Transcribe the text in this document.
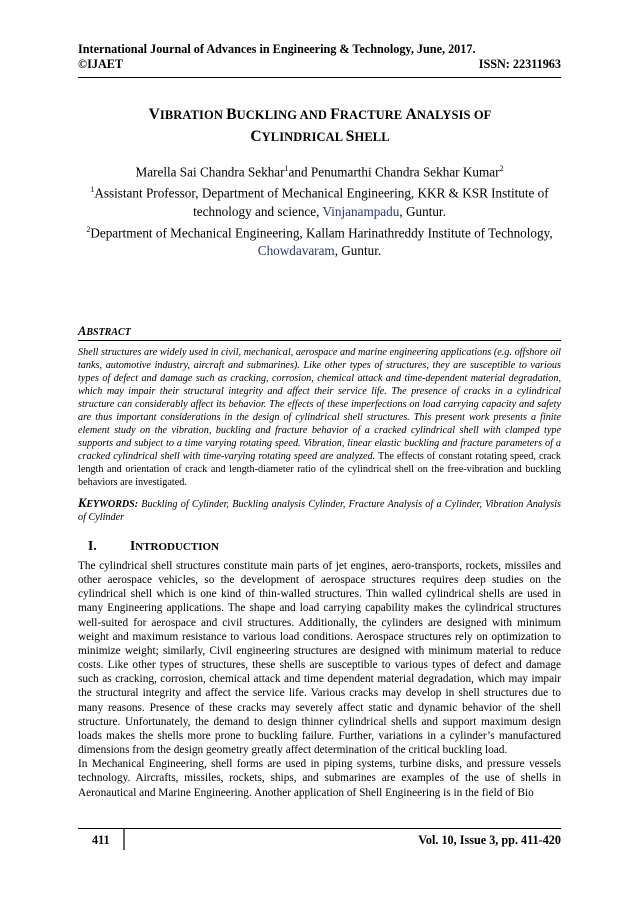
International Journal of Advances in Engineering & Technology, June, 2017.
©IJAET	ISSN: 22311963
VIBRATION BUCKLING AND FRACTURE ANALYSIS OF
CYLINDRICAL SHELL
Marella Sai Chandra Sekhar$^1$and Penumarthi Chandra Sekhar Kumar$^2$
$^1$Assistant Professor, Department of Mechanical Engineering, KKR & KSR Institute of
technology and science, Vinjanampadu, Guntur.
$^2$Department of Mechanical Engineering, Kallam Harinathreddy Institute of Technology,
Chowdavaram, Guntur.
ABSTRACT
Shell structures are widely used in civil, mechanical, aerospace and marine engineering applications (e.g. offshore oil tanks, automotive industry, aircraft and submarines). Like other types of structures, they are susceptible to various types of defect and damage such as cracking, corrosion, chemical attack and time-dependent material degradation, which may impair their structural integrity and affect their service life. The presence of cracks in a cylindrical structure can considerably affect its behavior. The effects of these imperfections on load carrying capacity and safety are thus important considerations in the design of cylindrical shell structures. This present work presents a finite element study on the vibration, buckling and fracture behavior of a cracked cylindrical shell with clamped type supports and subject to a time varying rotating speed. Vibration, linear elastic buckling and fracture parameters of a cracked cylindrical shell with time-varying rotating speed are analyzed. The effects of constant rotating speed, crack length and orientation of crack and length-diameter ratio of the cylindrical shell on the free-vibration and buckling behaviors are investigated.
KEYWORDS: Buckling of Cylinder, Buckling analysis Cylinder, Fracture Analysis of a Cylinder, Vibration Analysis of Cylinder
I.	INTRODUCTION

The cylindrical shell structures constitute main parts of jet engines, aero-transports, rockets, missiles and other aerospace vehicles, so the development of aerospace structures requires deep studies on the cylindrical shell which is one kind of thin-walled structures. Thin walled cylindrical shells are used in many Engineering applications. The shape and load carrying capability makes the cylindrical structures well-suited for aerospace and civil structures. Additionally, the cylinders are designed with minimum weight and maximum resistance to various load conditions. Aerospace structures rely on optimization to minimize weight; similarly, Civil engineering structures are designed with minimum material to reduce costs. Like other types of structures, these shells are susceptible to various types of defect and damage such as cracking, corrosion, chemical attack and time dependent material degradation, which may impair the structural integrity and affect the service life. Various cracks may develop in shell structures due to many reasons. Presence of these cracks may severely affect static and dynamic behavior of the shell structure. Unfortunately, the demand to design thinner cylindrical shells and support maximum design loads makes the shells more prone to buckling failure. Further, variations in a cylinder’s manufactured dimensions from the design geometry greatly affect determination of the critical buckling load.

In Mechanical Engineering, shell forms are used in piping systems, turbine disks, and pressure vessels technology. Aircrafts, missiles, rockets, ships, and submarines are examples of the use of shells in Aeronautical and Marine Engineering. Another application of Shell Engineering is in the field of Bio

411	Vol. 10, Issue 3, pp. 411-420
